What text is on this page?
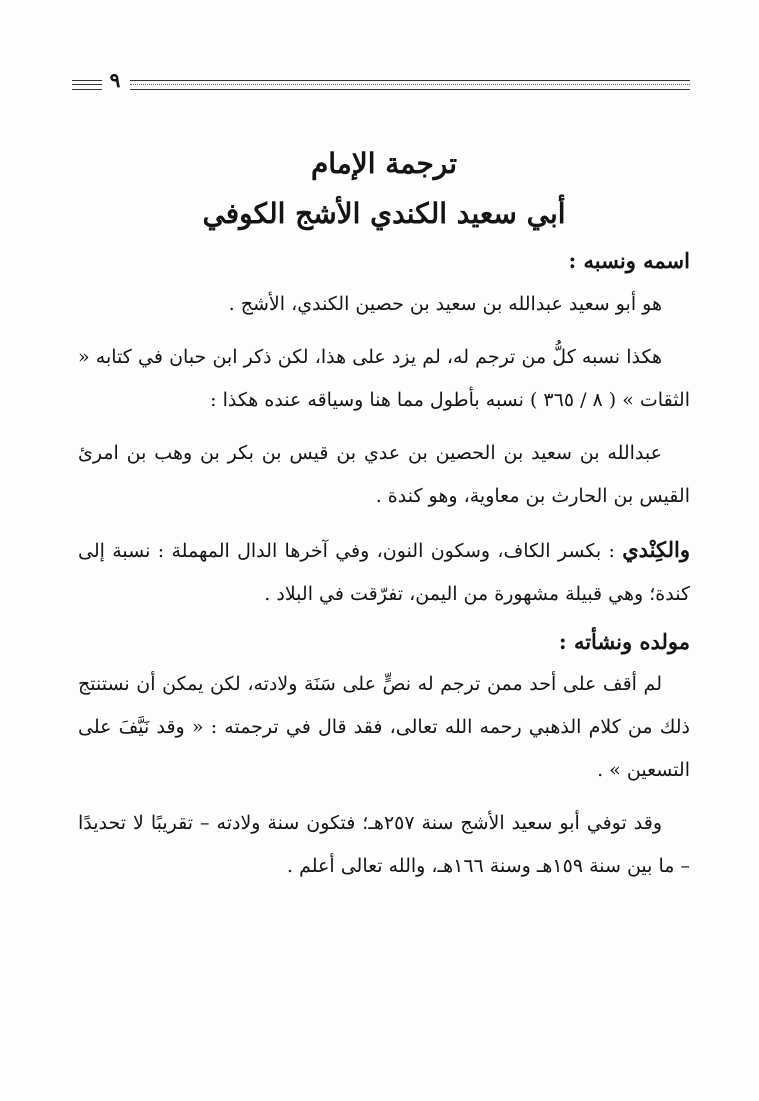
٩
ترجمة الإمام
أبي سعيد الكندي الأشج الكوفي
اسمه ونسبه :

هو أبو سعيد عبدالله بن سعيد بن حصين الكندي، الأشج .

هكذا نسبه كلُّ من ترجم له، لم يزد على هذا، لكن ذكر ابن حبان في كتابه « الثقات » ( ٨ / ٣٦٥ ) نسبه بأطول مما هنا وسياقه عنده هكذا :

عبدالله بن سعيد بن الحصين بن عدي بن قيس بن بكر بن وهب بن امرئ القيس بن الحارث بن معاوية، وهو كندة .

والكِنْدي : بكسر الكاف، وسكون النون، وفي آخرها الدال المهملة : نسبة إلى كندة؛ وهي قبيلة مشهورة من اليمن، تفرّقت في البلاد .

مولده ونشأته :

لم أقف على أحد ممن ترجم له نصٍّ على سَنَة ولادته، لكن يمكن أن نستنتج ذلك من كلام الذهبي رحمه الله تعالى، فقد قال في ترجمته : « وقد نَيَّفَ على التسعين » .

وقد توفي أبو سعيد الأشج سنة ٢٥٧هـ؛ فتكون سنة ولادته – تقريبًا لا تحديدًا – ما بين سنة ١٥٩هـ وسنة ١٦٦هـ، والله تعالى أعلم .
